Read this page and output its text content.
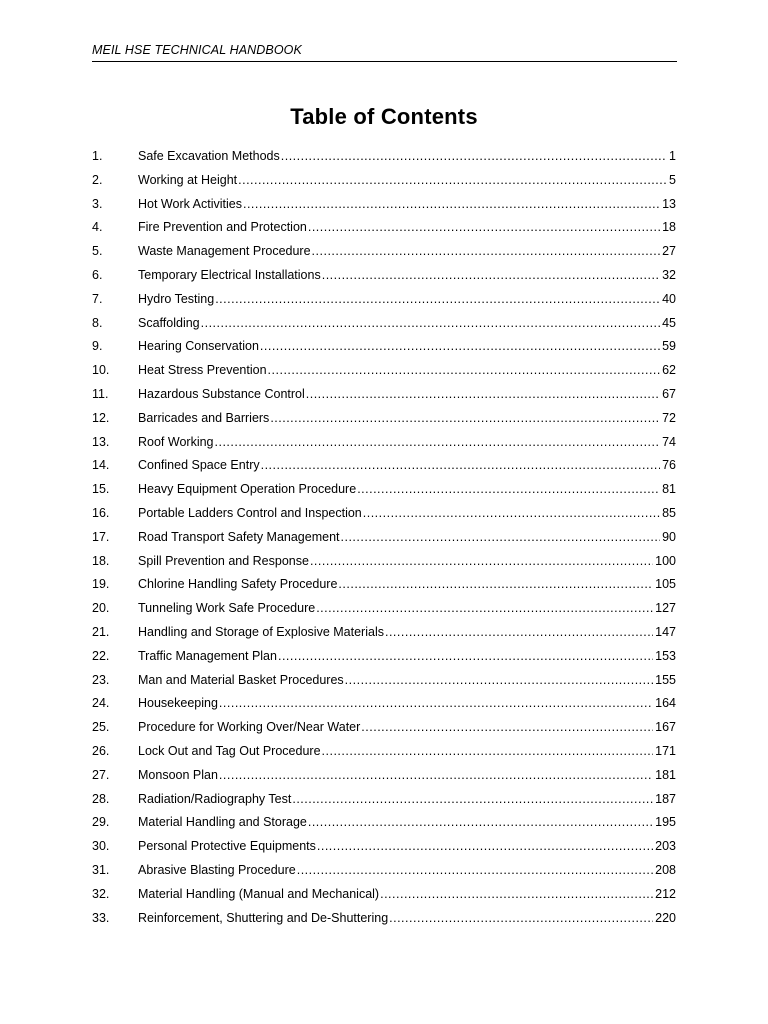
MEIL HSE TECHNICAL HANDBOOK
Table of Contents
1.	Safe Excavation Methods .....	1
2.	Working at Height .....	5
3.	Hot Work Activities .....	13
4.	Fire Prevention and Protection .....	18
5.	Waste Management Procedure .....	27
6.	Temporary Electrical Installations .....	32
7.	Hydro Testing .....	40
8.	Scaffolding .....	45
9.	Hearing Conservation .....	59
10.	Heat Stress Prevention .....	62
11.	Hazardous Substance Control .....	67
12.	Barricades and Barriers .....	72
13.	Roof Working .....	74
14.	Confined Space Entry .....	76
15.	Heavy Equipment Operation Procedure .....	81
16.	Portable Ladders Control and Inspection .....	85
17.	Road Transport Safety Management .....	90
18.	Spill Prevention and Response .....	100
19.	Chlorine Handling Safety Procedure .....	105
20.	Tunneling Work Safe Procedure .....	127
21.	Handling and Storage of Explosive Materials .....	147
22.	Traffic Management Plan .....	153
23.	Man and Material Basket Procedures .....	155
24.	Housekeeping .....	164
25.	Procedure for Working Over/Near Water .....	167
26.	Lock Out and Tag Out Procedure .....	171
27.	Monsoon Plan .....	181
28.	Radiation/Radiography Test .....	187
29.	Material Handling and Storage .....	195
30.	Personal Protective Equipments .....	203
31.	Abrasive Blasting Procedure .....	208
32.	Material Handling (Manual and Mechanical) .....	212
33.	Reinforcement, Shuttering and De-Shuttering .....	220
